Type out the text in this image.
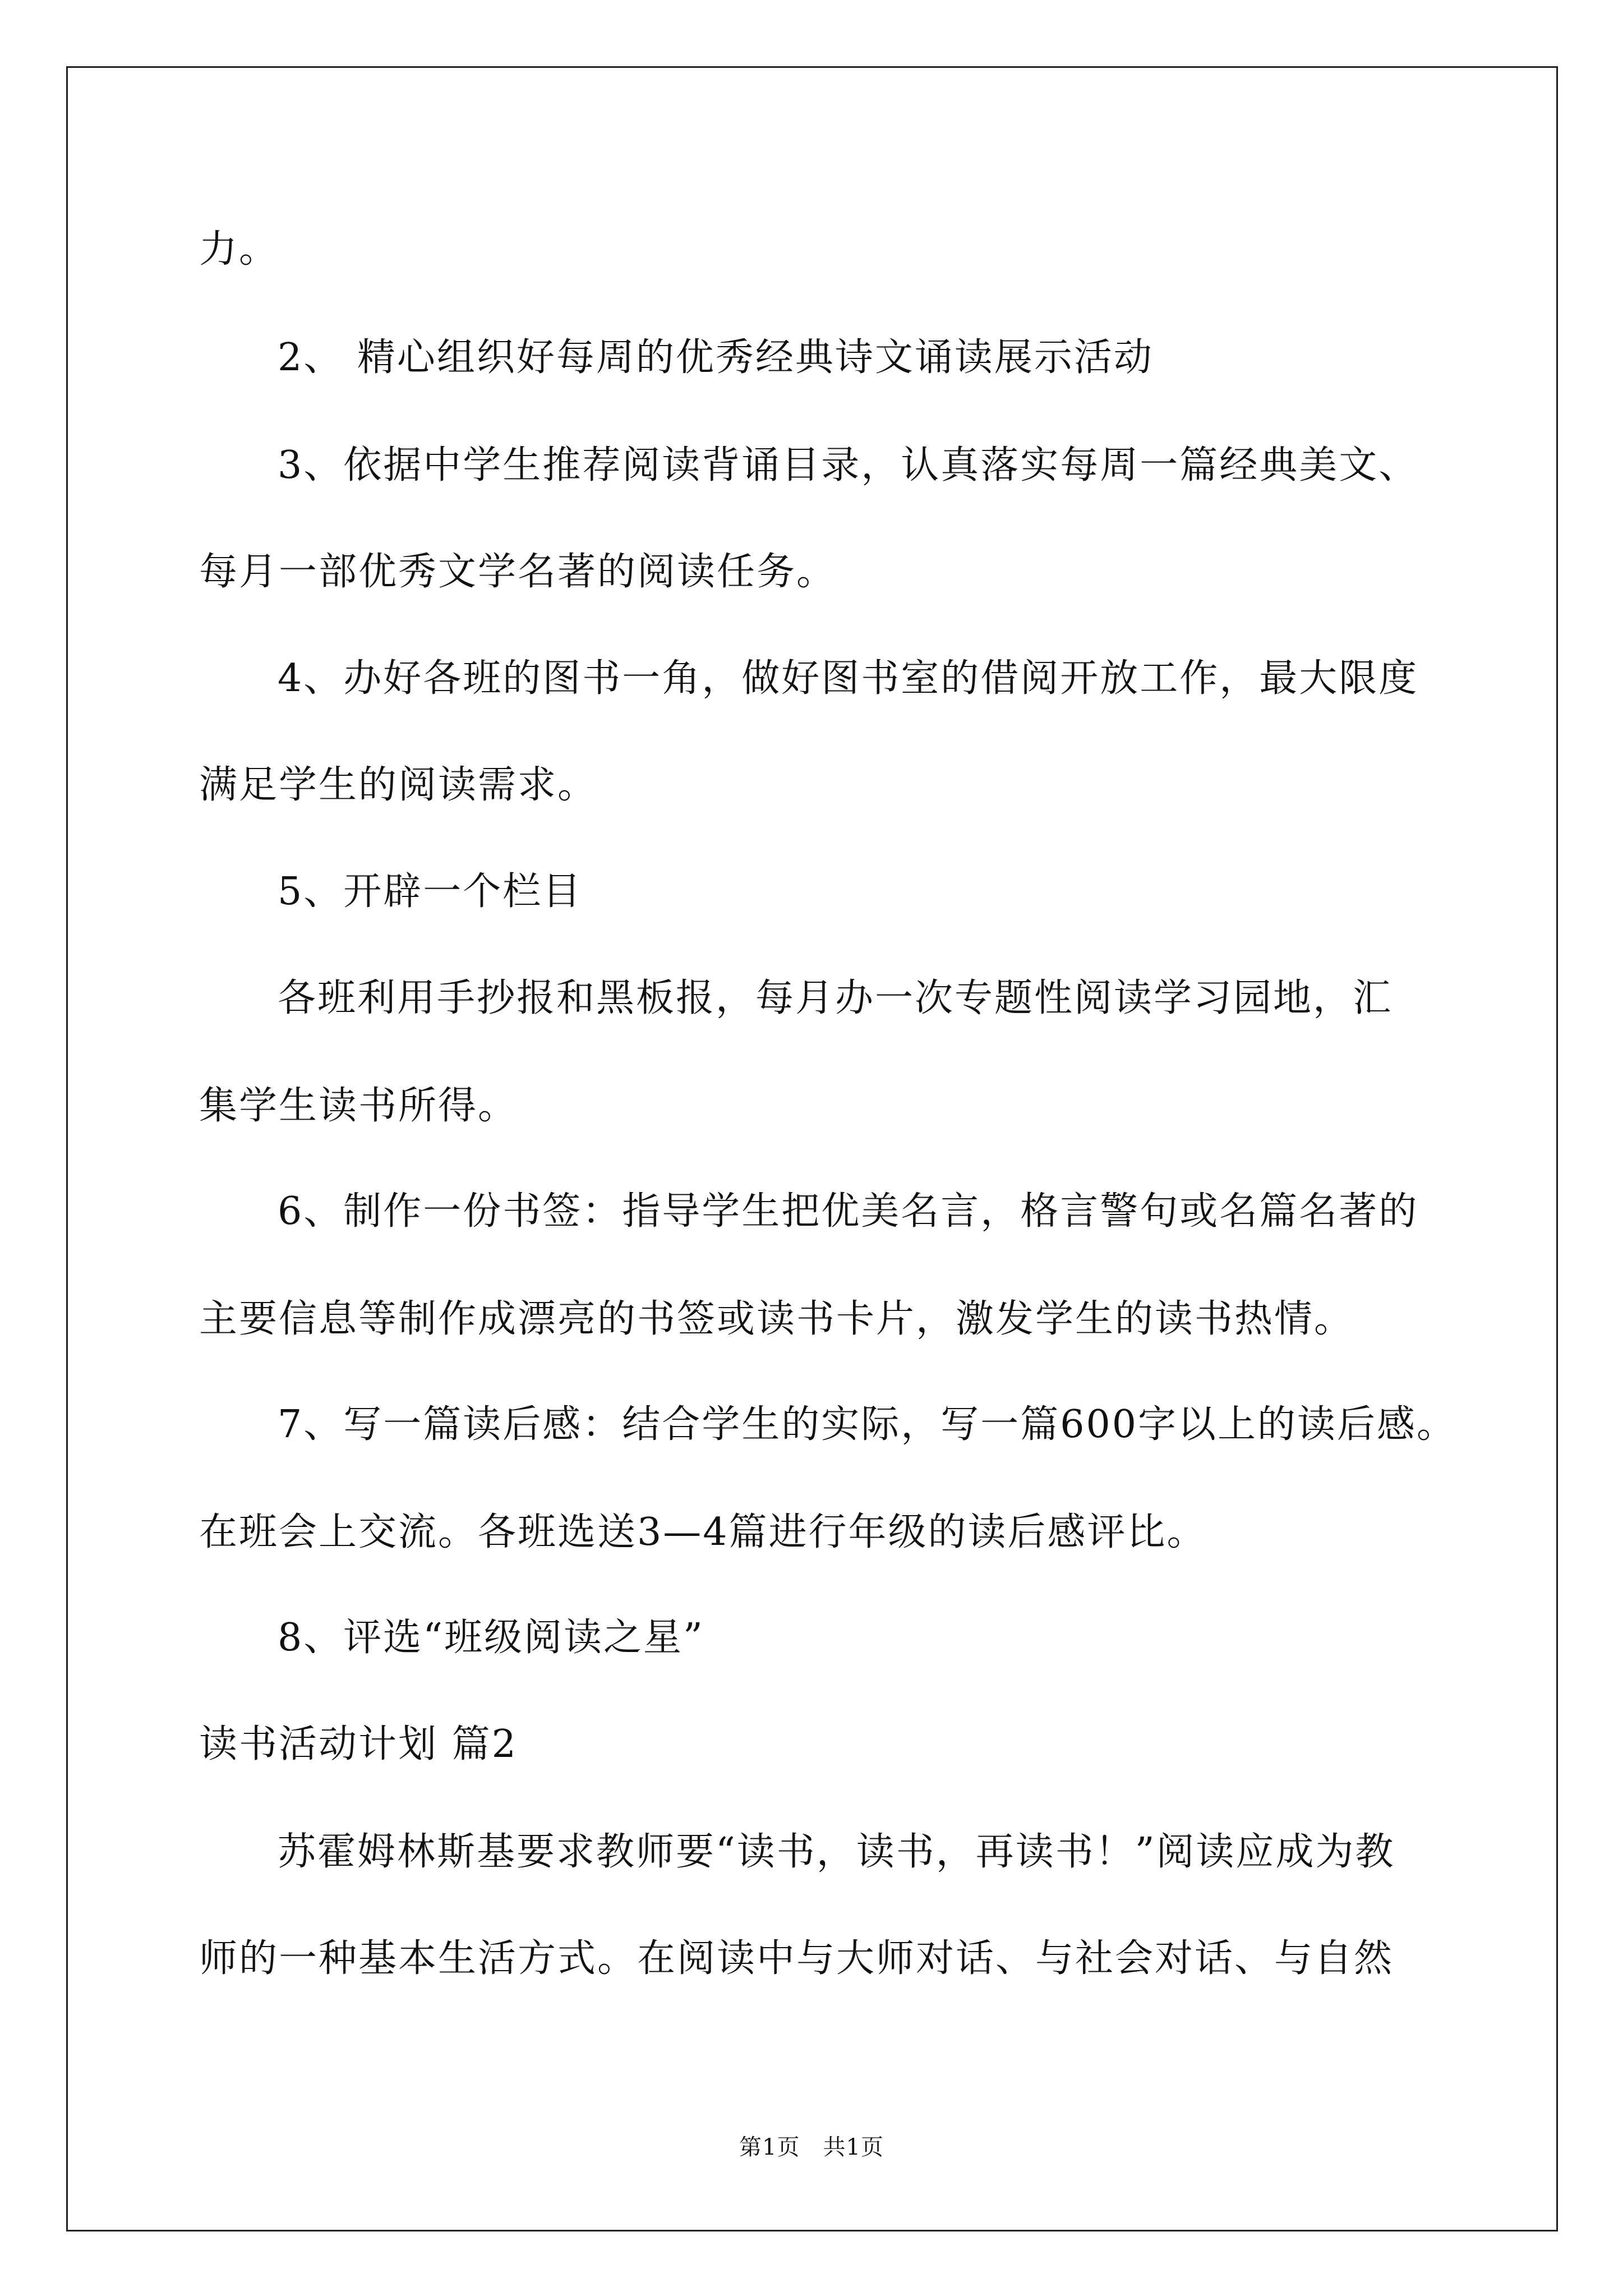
力。
2、 精心组织好每周的优秀经典诗文诵读展示活动
3、依据中学生推荐阅读背诵目录，认真落实每周一篇经典美文、
每月一部优秀文学名著的阅读任务。
4、办好各班的图书一角，做好图书室的借阅开放工作，最大限度
满足学生的阅读需求。
5、开辟一个栏目
各班利用手抄报和黑板报，每月办一次专题性阅读学习园地，汇
集学生读书所得。
6、制作一份书签：指导学生把优美名言，格言警句或名篇名著的
主要信息等制作成漂亮的书签或读书卡片，激发学生的读书热情。
7、写一篇读后感：结合学生的实际，写一篇600字以上的读后感。
在班会上交流。各班选送3—4篇进行年级的读后感评比。
8、评选“班级阅读之星”
读书活动计划 篇2
苏霍姆林斯基要求教师要“读书，读书，再读书！”阅读应成为教
师的一种基本生活方式。在阅读中与大师对话、与社会对话、与自然
第1页　共1页
